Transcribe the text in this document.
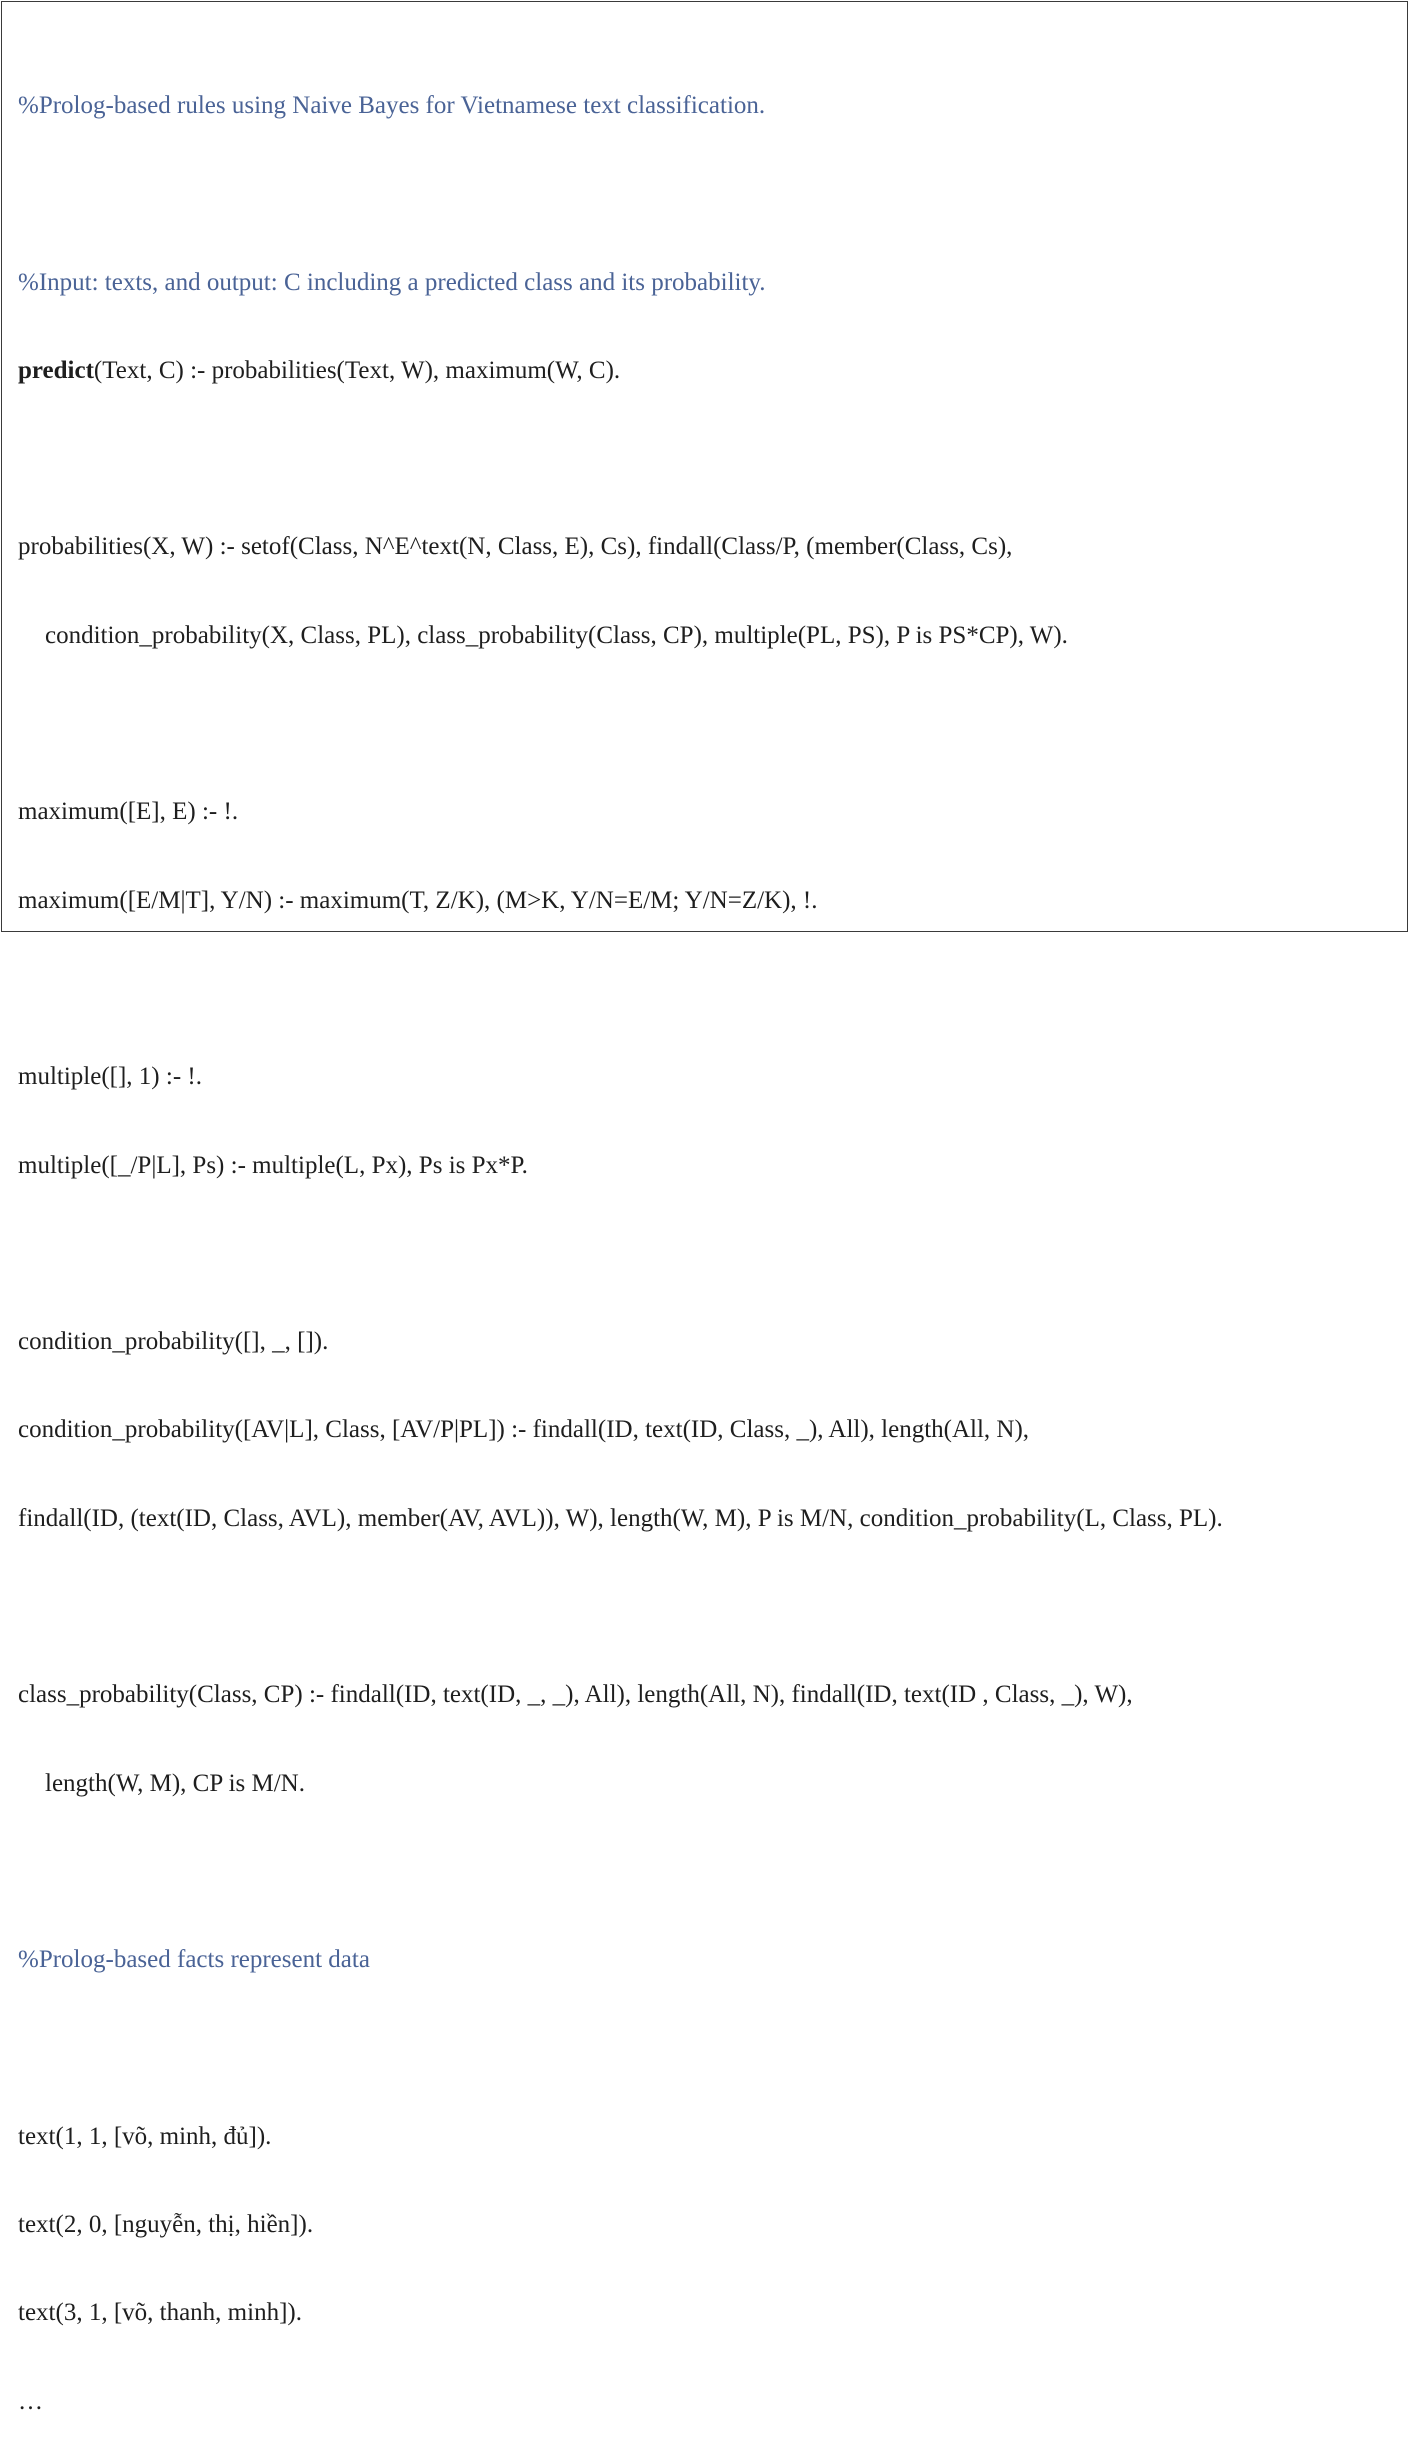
%Prolog-based rules using Naive Bayes for Vietnamese text classification.

%Input: texts, and output: C including a predicted class and its probability.

predict(Text, C) :- probabilities(Text, W), maximum(W, C).

probabilities(X, W) :- setof(Class, N^E^text(N, Class, E), Cs), findall(Class/P, (member(Class, Cs),

condition_probability(X, Class, PL), class_probability(Class, CP), multiple(PL, PS), P is PS*CP), W).

maximum([E], E) :- !.

maximum([E/M|T], Y/N) :- maximum(T, Z/K), (M>K, Y/N=E/M; Y/N=Z/K), !.

multiple([], 1) :- !.

multiple([_/P|L], Ps) :- multiple(L, Px), Ps is Px*P.

condition_probability([], _, []).

condition_probability([AV|L], Class, [AV/P|PL]) :- findall(ID, text(ID, Class, _), All), length(All, N),

findall(ID, (text(ID, Class, AVL), member(AV, AVL)), W), length(W, M), P is M/N, condition_probability(L, Class, PL).

class_probability(Class, CP) :- findall(ID, text(ID, _, _), All), length(All, N), findall(ID, text(ID , Class, _), W),

length(W, M), CP is M/N.

%Prolog-based facts represent data

text(1, 1, [võ, minh, đủ]).

text(2, 0, [nguyễn, thị, hiền]).

text(3, 1, [võ, thanh, minh]).

…
